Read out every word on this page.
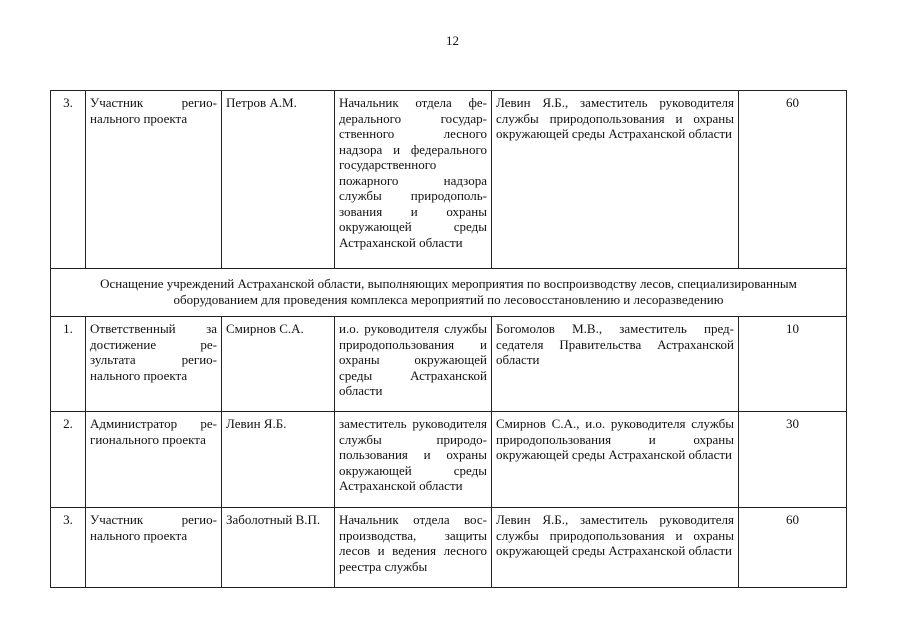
12
3.	Участник регионального проекта	Петров А.М.	Начальник отдела федерального государственного лесного надзора и федерального государственного пожарного надзора службы природопользования и охраны окружающей среды Астраханской области	Левин Я.Б., заместитель руководителя службы природопользования и охраны окружающей среды Астраханской области	60
Оснащение учреждений Астраханской области, выполняющих мероприятия по воспроизводству лесов, специализированным оборудованием для проведения комплекса мероприятий по лесовосстановлению и лесоразведению					
1.	Ответственный за достижение результата регионального проекта	Смирнов С.А.	и.о. руководителя службы природопользования и охраны окружающей среды Астраханской области	Богомолов М.В., заместитель председателя Правительства Астраханской области	10
2.	Администратор регионального проекта	Левин Я.Б.	заместитель руководителя службы природопользования и охраны окружающей среды Астраханской области	Смирнов С.А., и.о. руководителя службы природопользования и охраны окружающей среды Астраханской области	30
3.	Участник регионального проекта	Заболотный В.П.	Начальник отдела воспроизводства, защиты лесов и ведения лесного реестра службы	Левин Я.Б., заместитель руководителя службы природопользования и охраны окружающей среды Астраханской области	60
